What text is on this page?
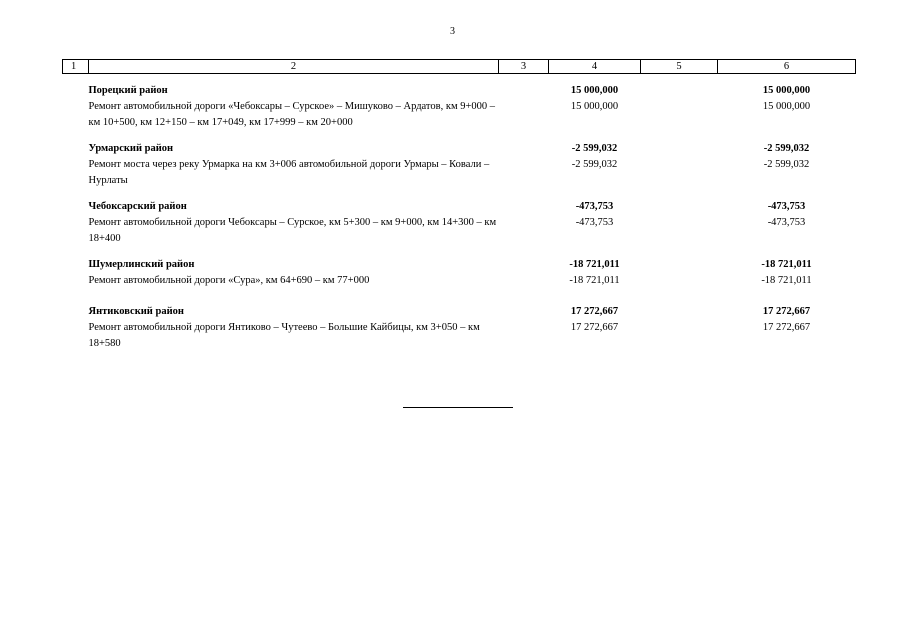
3
1	2	3	4	5	6
	Порецкий район		15 000,000		15 000,000
	Ремонт автомобильной дороги «Чебоксары – Сурское» – Мишуково – Ардатов, км 9+000 – км 10+500, км 12+150 – км 17+049, км 17+999 – км 20+000		15 000,000		15 000,000
	Урмарский район		-2 599,032		-2 599,032
	Ремонт моста через реку Урмарка на км 3+006 автомобильной дороги Урмары – Ковали – Нурлаты		-2 599,032		-2 599,032
	Чебоксарский район		-473,753		-473,753
	Ремонт автомобильной дороги Чебоксары – Сурское, км 5+300 – км 9+000, км 14+300 – км 18+400		-473,753		-473,753
	Шумерлинский район		-18 721,011		-18 721,011
	Ремонт автомобильной дороги «Сура», км 64+690 – км 77+000		-18 721,011		-18 721,011
	Янтиковский район		17 272,667		17 272,667
	Ремонт автомобильной дороги Янтиково – Чутеево – Большие Кайбицы, км 3+050 – км 18+580		17 272,667		17 272,667
